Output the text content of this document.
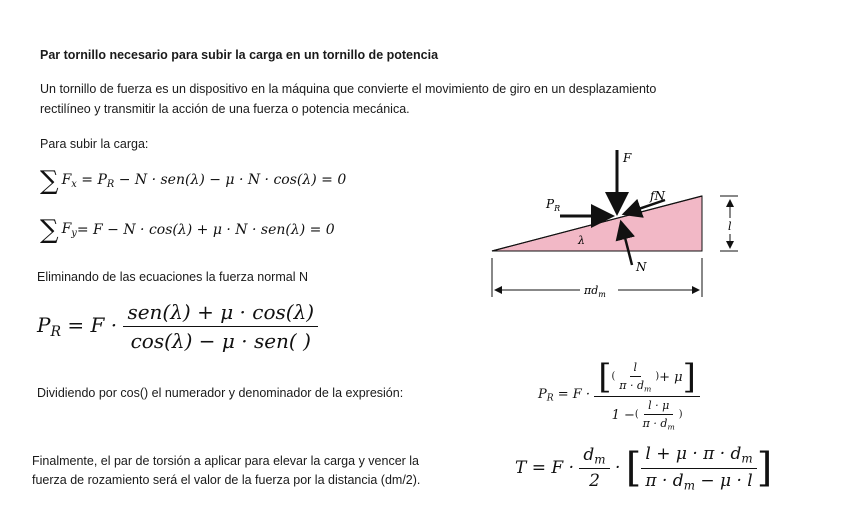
Par tornillo necesario para subir la carga en un tornillo de potencia
Un tornillo de fuerza es un dispositivo en la máquina que convierte el movimiento de giro en un desplazamiento
rectilíneo y transmitir la acción de una fuerza o potencia mecánica.
Para subir la carga:
∑ $F_x = P_R - N \cdot sen(\lambda) - \mu \cdot N \cdot \cos(\lambda) = 0$
∑ $F_y = F - N \cdot \cos(\lambda) + \mu \cdot N \cdot sen(\lambda) = 0$
Eliminando de las ecuaciones la fuerza normal N
$P_R = F \cdot \frac{\text{sen(λ) + μ · cos(λ)}}{\text{cos(λ) − μ · sen( )}}$
Dividiendo por cos() el numerador y denominador de la expresión:	$P_R = F \cdot \frac{[ ( \frac{l}{\pi \cdot d_m} ) + \mu ]}{1 - ( \frac{l \cdot \mu}{\pi \cdot d_m} )}$
Finalmente, el par de torsión a aplicar para elevar la carga y vencer la
fuerza de rozamiento será el valor de la fuerza por la distancia (dm/2).
T = F ·
$\frac{d_m}{2}$
·
[ $\frac{l + \mu \cdot \pi \cdot d_m}{\pi \cdot d_m - \mu \cdot l}$ ]
F
$P_R$
fN
N
λ
l
$\pi d_m$
